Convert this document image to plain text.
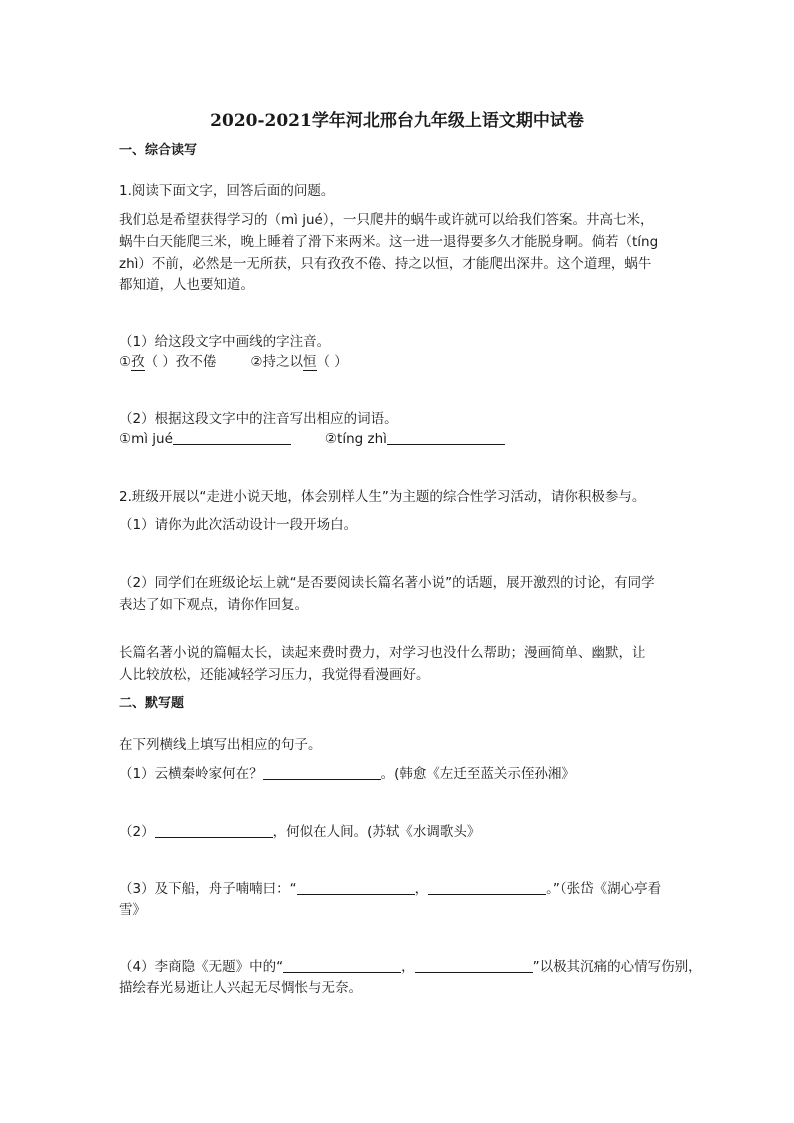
2020-2021学年河北邢台九年级上语文期中试卷
一、综合读写
1.阅读下面文字，回答后面的问题。
我们总是希望获得学习的（mì jué），一只爬井的蜗牛或许就可以给我们答案。井高七米，
蜗牛白天能爬三米，晚上睡着了滑下来两米。这一进一退得要多久才能脱身啊。倘若（tíng
zhì）不前，必然是一无所获，只有孜孜不倦、持之以恒，才能爬出深井。这个道理，蜗牛
都知道，人也要知道。
（1）给这段文字中画线的字注音。
①孜（ ）孜不倦	②持之以恒（ ）
（2）根据这段文字中的注音写出相应的词语。
①mì jué	②tíng zhì
2.班级开展以“走进小说天地，体会别样人生”为主题的综合性学习活动，请你积极参与。
（1）请你为此次活动设计一段开场白。
（2）同学们在班级论坛上就“是否要阅读长篇名著小说”的话题，展开激烈的讨论，有同学
表达了如下观点，请你作回复。
长篇名著小说的篇幅太长，读起来费时费力，对学习也没什么帮助；漫画简单、幽默，让
人比较放松，还能减轻学习压力，我觉得看漫画好。
二、默写题
在下列横线上填写出相应的句子。
（1）云横秦岭家何在？	。(韩愈《左迁至蓝关示侄孙湘》
（2）	，何似在人间。(苏轼《水调歌头》
（3）及下船，舟子喃喃曰：“	，	。”（张岱《湖心亭看
雪》
（4）李商隐《无题》中的“	，	”以极其沉痛的心情写伤别，
描绘春光易逝让人兴起无尽惆怅与无奈。
